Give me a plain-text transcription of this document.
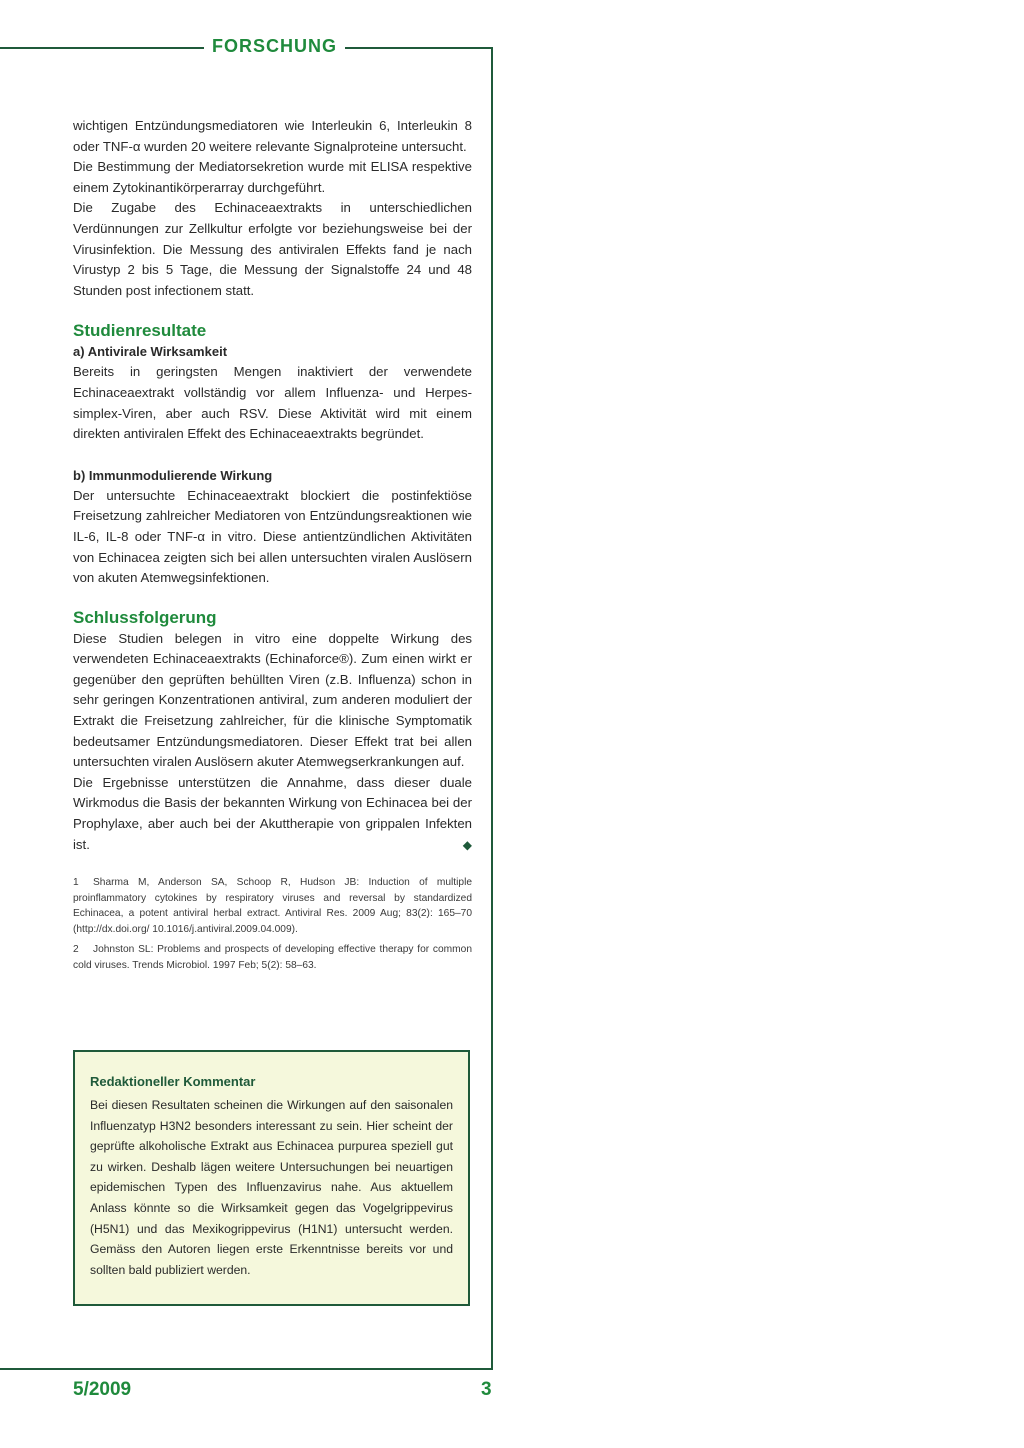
FORSCHUNG

wichtigen Entzündungsmediatoren wie Interleukin 6, Interleukin 8 oder TNF-α wurden 20 weitere relevante Signalproteine untersucht.

Die Bestimmung der Mediatorsekretion wurde mit ELISA respektive einem Zytokinantikörperarray durchgeführt.

Die Zugabe des Echinaceaextrakts in unterschiedlichen Verdünnungen zur Zellkultur erfolgte vor beziehungsweise bei der Virusinfektion. Die Messung des antiviralen Effekts fand je nach Virustyp 2 bis 5 Tage, die Messung der Signalstoffe 24 und 48 Stunden post infectionem statt.

Studienresultate
a) Antivirale Wirksamkeit

Bereits in geringsten Mengen inaktiviert der verwendete Echinaceaextrakt vollständig vor allem Influenza- und Herpes-simplex-Viren, aber auch RSV. Diese Aktivität wird mit einem direkten antiviralen Effekt des Echinaceaextrakts begründet.

b) Immunmodulierende Wirkung

Der untersuchte Echinaceaextrakt blockiert die postinfektiöse Freisetzung zahlreicher Mediatoren von Entzündungsreaktionen wie IL-6, IL-8 oder TNF-α in vitro. Diese antientzündlichen Aktivitäten von Echinacea zeigten sich bei allen untersuchten viralen Auslösern von akuten Atemwegsinfektionen.

Schlussfolgerung

Diese Studien belegen in vitro eine doppelte Wirkung des verwendeten Echinaceaextrakts (Echinaforce®). Zum einen wirkt er gegenüber den geprüften behüllten Viren (z.B. Influenza) schon in sehr geringen Konzentrationen antiviral, zum anderen moduliert der Extrakt die Freisetzung zahlreicher, für die klinische Symptomatik bedeutsamer Entzündungsmediatoren. Dieser Effekt trat bei allen untersuchten viralen Auslösern akuter Atemwegserkrankungen auf.

Die Ergebnisse unterstützen die Annahme, dass dieser duale Wirkmodus die Basis der bekannten Wirkung von Echinacea bei der Prophylaxe, aber auch bei der Akuttherapie von grippalen Infekten ist.	◆

1 Sharma M, Anderson SA, Schoop R, Hudson JB: Induction of multiple proinflammatory cytokines by respiratory viruses and reversal by standardized Echinacea, a potent antiviral herbal extract. Antiviral Res. 2009 Aug; 83(2): 165–70 (http://dx.doi.org/ 10.1016/j.antiviral.2009.04.009).

2 Johnston SL: Problems and prospects of developing effective therapy for common cold viruses. Trends Microbiol. 1997 Feb; 5(2): 58–63.

Redaktioneller Kommentar

Bei diesen Resultaten scheinen die Wirkungen auf den saisonalen Influenzatyp H3N2 besonders interessant zu sein. Hier scheint der geprüfte alkoholische Extrakt aus Echinacea purpurea speziell gut zu wirken. Deshalb lägen weitere Untersuchungen bei neuartigen epidemischen Typen des Influenzavirus nahe. Aus aktuellem Anlass könnte so die Wirksamkeit gegen das Vogelgrippevirus (H5N1) und das Mexikogrippevirus (H1N1) untersucht werden. Gemäss den Autoren liegen erste Erkenntnisse bereits vor und sollten bald publiziert werden.

5/2009	3
